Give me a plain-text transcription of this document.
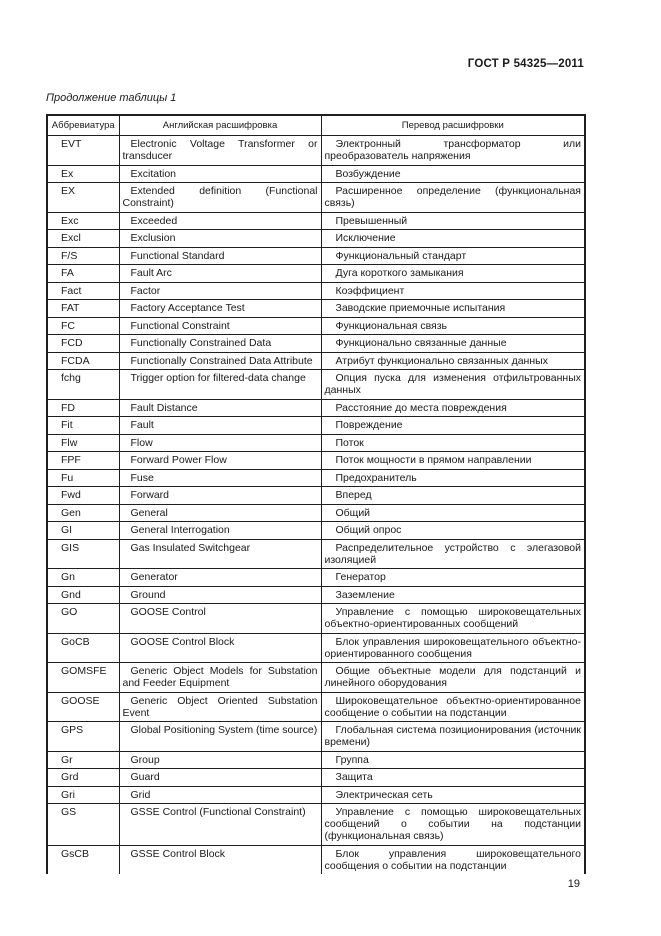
ГОСТ Р 54325—2011
Продолжение таблицы 1
Аббревиатура	Английская расшифровка	Перевод расшифровки
EVT	Electronic Voltage Transformer or transducer	Электронный трансформатор или преобразователь напряжения
Ex	Excitation	Возбуждение
EX	Extended definition (Functional Constraint)	Расширенное определение (функциональная связь)
Exc	Exceeded	Превышенный
Excl	Exclusion	Исключение
F/S	Functional Standard	Функциональный стандарт
FA	Fault Arc	Дуга короткого замыкания
Fact	Factor	Коэффициент
FAT	Factory Acceptance Test	Заводские приемочные испытания
FC	Functional Constraint	Функциональная связь
FCD	Functionally Constrained Data	Функционально связанные данные
FCDA	Functionally Constrained Data Attribute	Атрибут функционально связанных данных
fchg	Trigger option for filtered-data change	Опция пуска для изменения отфильтрованных данных
FD	Fault Distance	Расстояние до места повреждения
Fit	Fault	Повреждение
Flw	Flow	Поток
FPF	Forward Power Flow	Поток мощности в прямом направлении
Fu	Fuse	Предохранитель
Fwd	Forward	Вперед
Gen	General	Общий
GI	General Interrogation	Общий опрос
GIS	Gas Insulated Switchgear	Распределительное устройство с элегазовой изоляцией
Gn	Generator	Генератор
Gnd	Ground	Заземление
GO	GOOSE Control	Управление с помощью широковещательных объектно-ориентированных сообщений
GoCB	GOOSE Control Block	Блок управления широковещательного объектно-ориентированного сообщения
GOMSFE	Generic Object Models for Substation and Feeder Equipment	Общие объектные модели для подстанций и линейного оборудования
GOOSE	Generic Object Oriented Substation Event	Широковещательное объектно-ориентированное сообщение о событии на подстанции
GPS	Global Positioning System (time source)	Глобальная система позиционирования (источник времени)
Gr	Group	Группа
Grd	Guard	Защита
Gri	Grid	Электрическая сеть
GS	GSSE Control (Functional Constraint)	Управление с помощью широковещательных сообщений о событии на подстанции (функциональная связь)
GsCB	GSSE Control Block	Блок управления широковещательного сообщения о событии на подстанции
19
